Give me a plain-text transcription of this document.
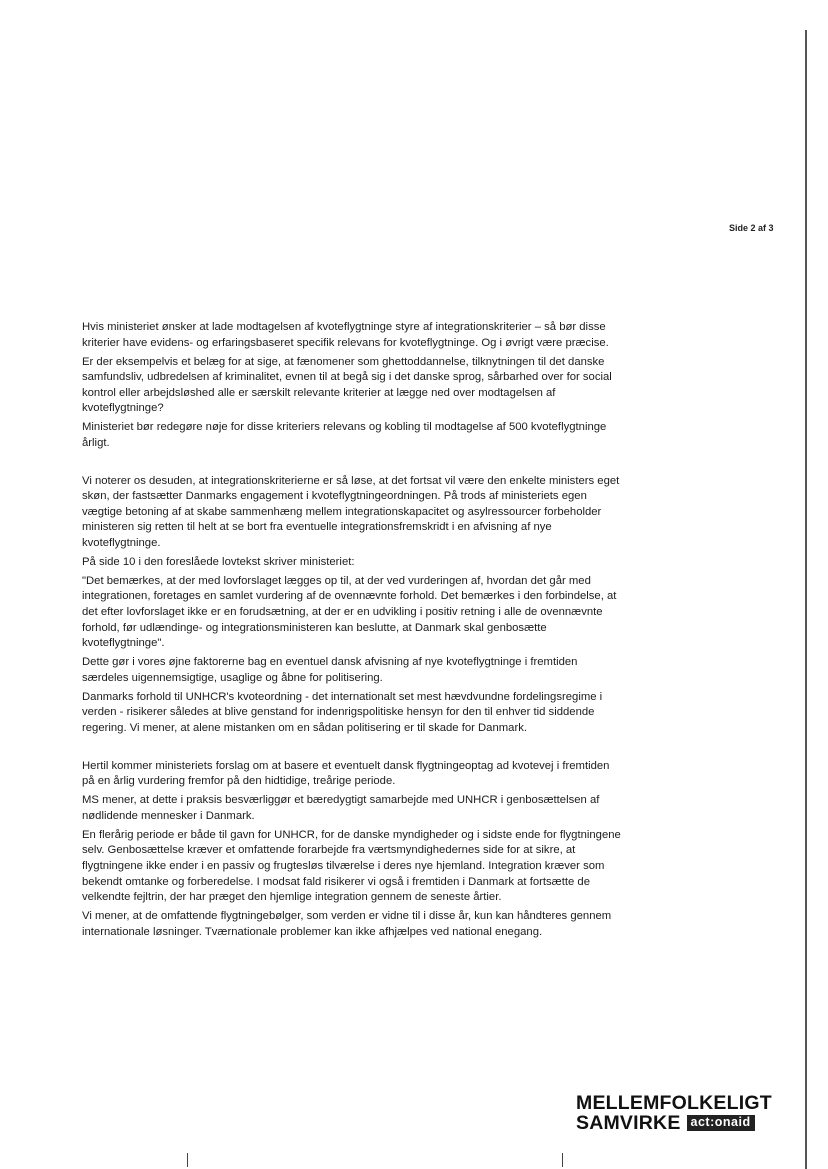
Side 2 af 3

Hvis ministeriet ønsker at lade modtagelsen af kvoteflygtninge styre af integrationskriterier – så bør disse kriterier have evidens- og erfaringsbaseret specifik relevans for kvoteflygtninge. Og i øvrigt være præcise.

Er der eksempelvis et belæg for at sige, at fænomener som ghettoddannelse, tilknytningen til det danske samfundsliv, udbredelsen af kriminalitet, evnen til at begå sig i det danske sprog, sårbarhed over for social kontrol eller arbejdsløshed alle er særskilt relevante kriterier at lægge ned over modtagelsen af kvoteflygtninge?

Ministeriet bør redegøre nøje for disse kriteriers relevans og kobling til modtagelse af 500 kvoteflygtninge årligt.

Vi noterer os desuden, at integrationskriterierne er så løse, at det fortsat vil være den enkelte ministers eget skøn, der fastsætter Danmarks engagement i kvoteflygtningeordningen. På trods af ministeriets egen vægtige betoning af at skabe sammenhæng mellem integrationskapacitet og asylressourcer forbeholder ministeren sig retten til helt at se bort fra eventuelle integrationsfremskridt i en afvisning af nye kvoteflygtninge.

På side 10 i den foreslåede lovtekst skriver ministeriet:

"Det bemærkes, at der med lovforslaget lægges op til, at der ved vurderingen af, hvordan det går med integrationen, foretages en samlet vurdering af de ovennævnte forhold. Det bemærkes i den forbindelse, at det efter lovforslaget ikke er en forudsætning, at der er en udvikling i positiv retning i alle de ovennævnte forhold, før udlændinge- og integrationsministeren kan beslutte, at Danmark skal genbosætte kvoteflygtninge".

Dette gør i vores øjne faktorerne bag en eventuel dansk afvisning af nye kvoteflygtninge i fremtiden særdeles uigennemsigtige, usaglige og åbne for politisering.

Danmarks forhold til UNHCR's kvoteordning - det internationalt set mest hævdvundne fordelingsregime i verden - risikerer således at blive genstand for indenrigspolitiske hensyn for den til enhver tid siddende regering. Vi mener, at alene mistanken om en sådan politisering er til skade for Danmark.

Hertil kommer ministeriets forslag om at basere et eventuelt dansk flygtningeoptag ad kvotevej i fremtiden på en årlig vurdering fremfor på den hidtidige, treårige periode.

MS mener, at dette i praksis besværliggør et bæredygtigt samarbejde med UNHCR i genbosættelsen af nødlidende mennesker i Danmark.

En flerårig periode er både til gavn for UNHCR, for de danske myndigheder og i sidste ende for flygtningene selv. Genbosættelse kræver et omfattende forarbejde fra værtsmyndighedernes side for at sikre, at flygtningene ikke ender i en passiv og frugtesløs tilværelse i deres nye hjemland. Integration kræver som bekendt omtanke og forberedelse. I modsat fald risikerer vi også i fremtiden i Danmark at fortsætte de velkendte fejltrin, der har præget den hjemlige integration gennem de seneste årtier.

Vi mener, at de omfattende flygtningebølger, som verden er vidne til i disse år, kun kan håndteres gennem internationale løsninger. Tværnationale problemer kan ikke afhjælpes ved national enegang.

MELLEMFOLKELIGT
SAMVIRKE act:onaid
